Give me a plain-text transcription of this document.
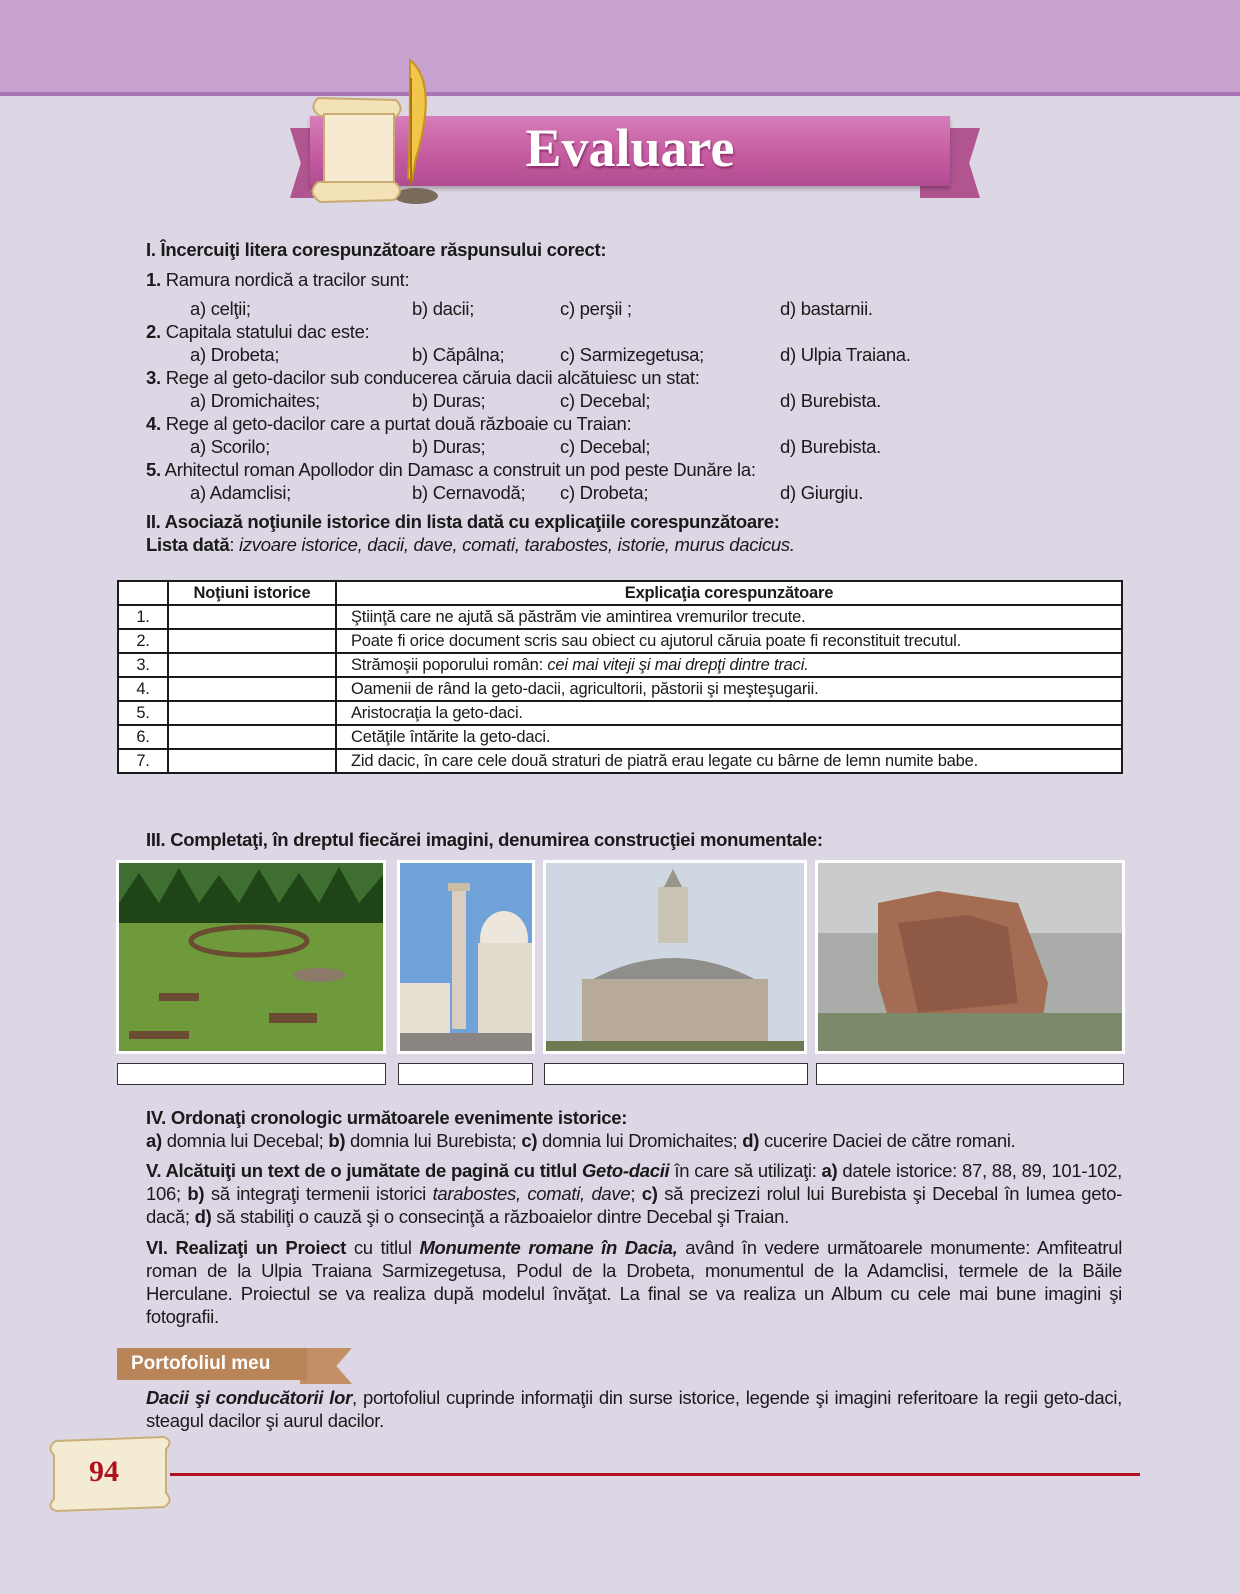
Evaluare
I. Încercuiţi litera corespunzătoare răspunsului corect:
1. Ramura nordică a tracilor sunt:
a) celţii;	b) dacii;	c) perşii ;	d) bastarnii.
2. Capitala statului dac este:
a) Drobeta;	b) Căpâlna;	c) Sarmizegetusa;	d) Ulpia Traiana.
3. Rege al geto-dacilor sub conducerea căruia dacii alcătuiesc un stat:
a) Dromichaites;	b) Duras;	c) Decebal;	d) Burebista.
4. Rege al geto-dacilor care a purtat două războaie cu Traian:
a) Scorilo;	b) Duras;	c) Decebal;	d) Burebista.
5. Arhitectul roman Apollodor din Damasc a construit un pod peste Dunăre la:
a) Adamclisi;	b) Cernavodă; c) Drobeta;	d) Giurgiu.
II. Asociază noţiunile istorice din lista dată cu explicaţiile corespunzătoare:
Lista dată: izvoare istorice, dacii, dave, comati, tarabostes, istorie, murus dacicus.
	Noţiuni istorice	Explicaţia corespunzătoare
1.		Ştiinţă care ne ajută să păstrăm vie amintirea vremurilor trecute.
2.		Poate fi orice document scris sau obiect cu ajutorul căruia poate fi reconstituit trecutul.
3.		Strămoşii poporului român: cei mai viteji şi mai drepţi dintre traci.
4.		Oamenii de rând la geto-dacii, agricultorii, păstorii şi meşteşugarii.
5.		Aristocraţia la geto-daci.
6.		Cetăţile întărite la geto-daci.
7.		Zid dacic, în care cele două straturi de piatră erau legate cu bârne de lemn numite babe.
III. Completaţi, în dreptul fiecărei imagini, denumirea construcţiei monumentale:
IV. Ordonaţi cronologic următoarele evenimente istorice:
a) domnia lui Decebal; b) domnia lui Burebista; c) domnia lui Dromichaites; d) cucerire Daciei de către romani.
V. Alcătuiţi un text de o jumătate de pagină cu titlul Geto-dacii în care să utilizaţi: a) datele istorice: 87, 88, 89, 101-102, 106; b) să integraţi termenii istorici tarabostes, comati, dave; c) să precizezi rolul lui Burebista şi Decebal în lumea geto-dacă; d) să stabiliţi o cauză şi o consecinţă a războaielor dintre Decebal şi Traian.
VI. Realizaţi un Proiect cu titlul Monumente romane în Dacia, având în vedere următoarele monumente: Amfiteatrul roman de la Ulpia Traiana Sarmizegetusa, Podul de la Drobeta, monumentul de la Adamclisi, termele de la Băile Herculane. Proiectul se va realiza după modelul învăţat. La final se va realiza un Album cu cele mai bune imagini şi fotografii.
Portofoliul meu
Dacii şi conducătorii lor, portofoliul cuprinde informaţii din surse istorice, legende şi imagini referitoare la regii geto-daci, steagul dacilor şi aurul dacilor.
94
